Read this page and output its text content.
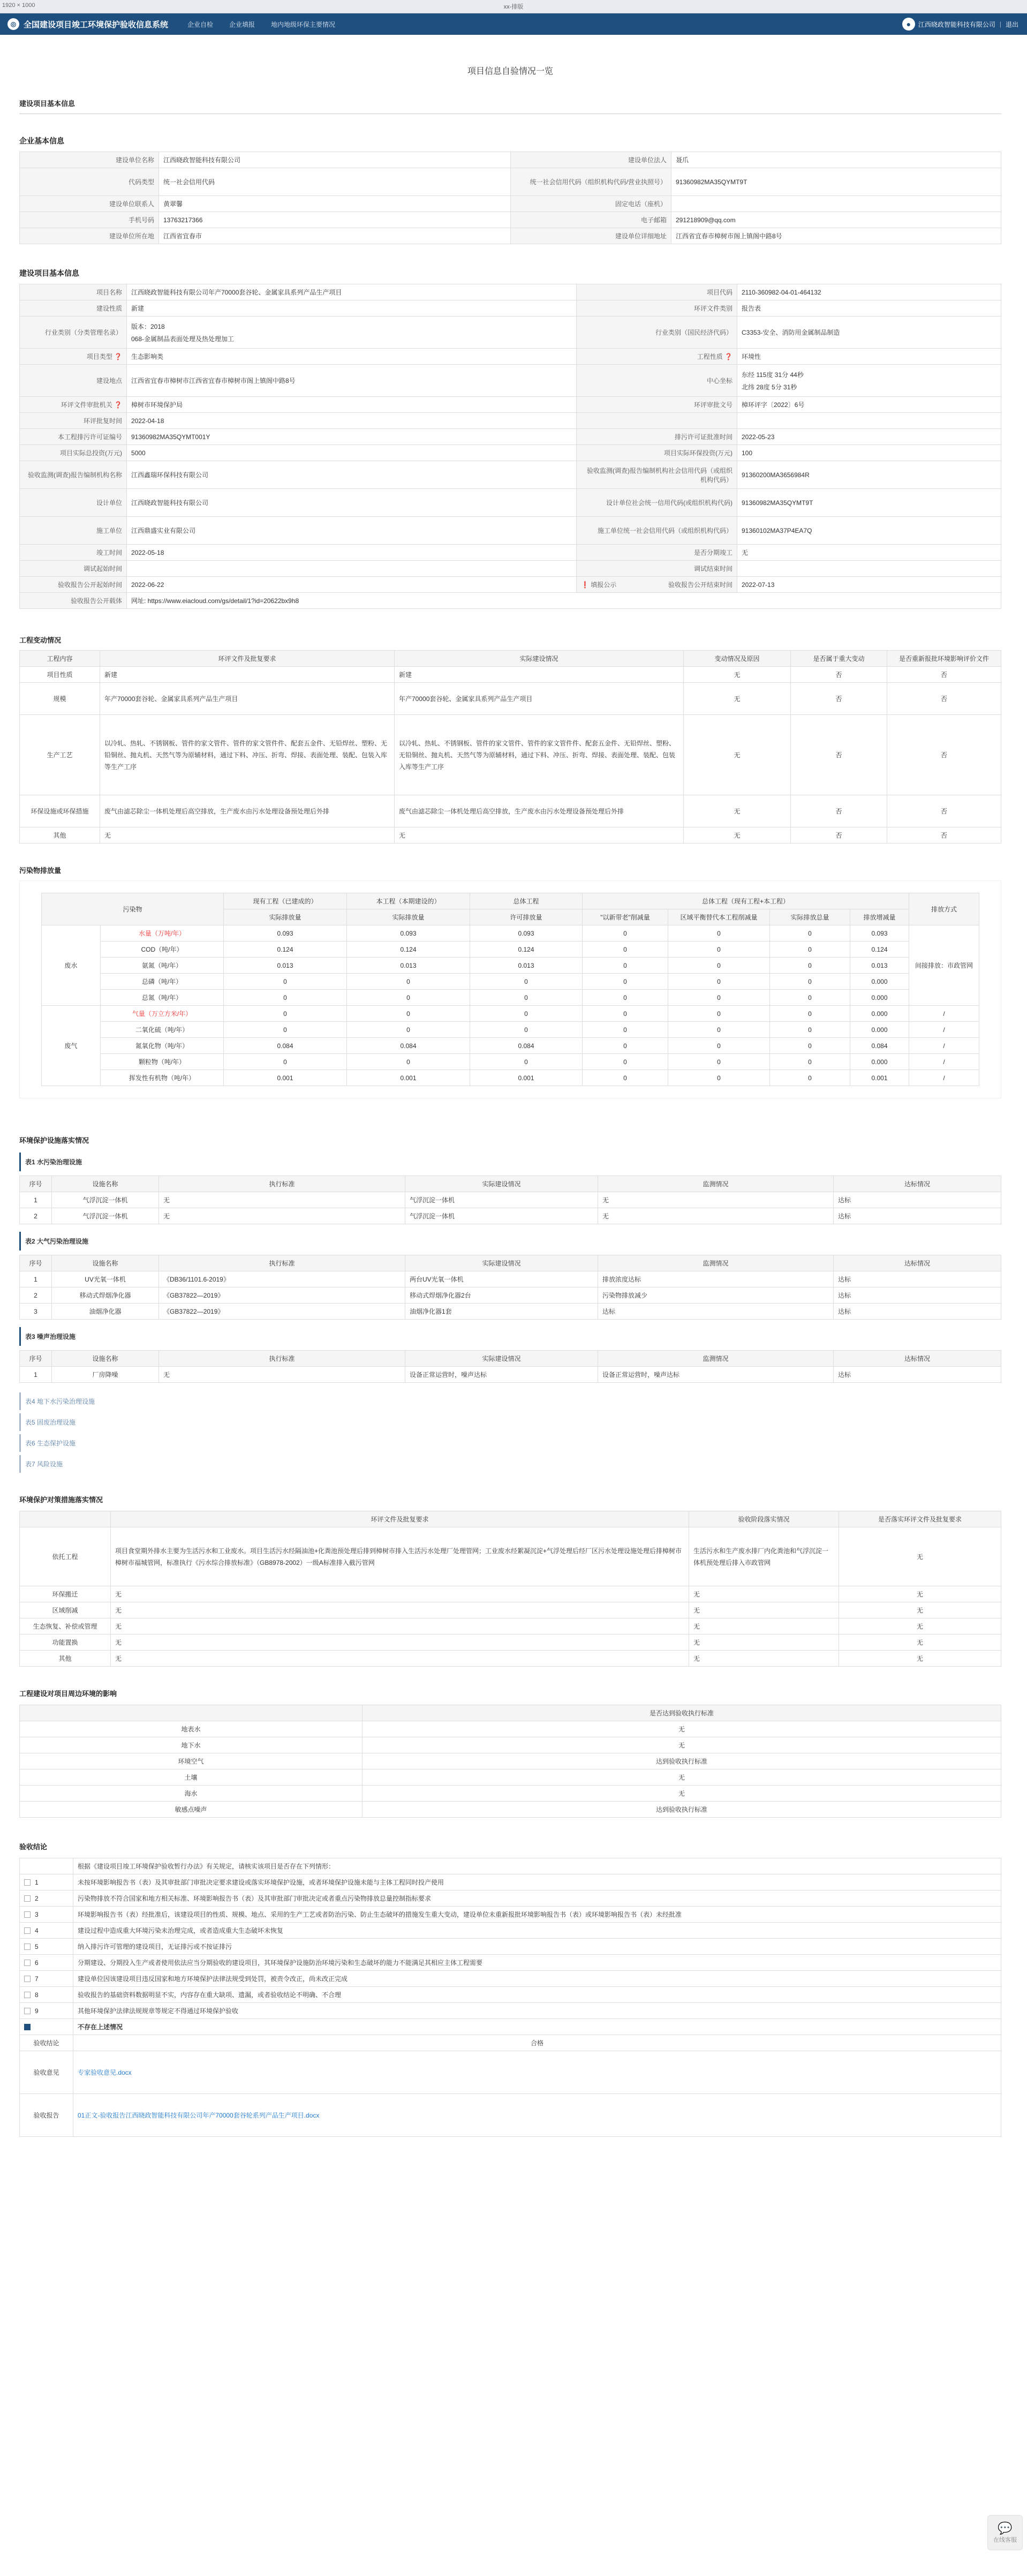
1920 × 1000	xx-排版
◎ 全国建设项目竣工环境保护验收信息系统	企业自检	企业填报	地内地级环保主要情况	●	江西晓政智能科技有限公司 | 退出
项目信息自验情况一览
建设项目基本信息
企业基本信息
建设单位名称	江西晓政智能科技有限公司	建设单位法人	聂爪
代码类型	统一社会信用代码	统一社会信用代码（组织机构代码/营业执照号）	91360982MA35QYMT9T
建设单位联系人	黄翠馨	固定电话（座机）	
手机号码	13763217366	电子邮箱	291218909@qq.com
建设单位所在地	江西省宜春市	建设单位详细地址	江西省宜春市樟树市阁上镇阁中路8号
建设项目基本信息
项目名称	江西晓政智能科技有限公司年产70000套谷轮、金属家具系列产品生产项目	项目代码	2110-360982-04-01-464132
建设性质	新建	环评文件类别	报告表
行业类别（分类管理名录）	版本：2018
068-金属制品表面处理及热处理加工	行业类别（国民经济代码）	C3353-安全、消防用金属制品制造
项目类型 ❓	生态影响类	工程性质 ❓	环境性
建设地点	江西省宜春市樟树市江西省宜春市樟树市阁上镇阁中路8号	中心坐标	东经 115度 31分 44秒
北纬 28度 5分 31秒

环评文件审批机关 ❓	樟树市环境保护局	环评审批文号	樟环评字〔2022〕6号
环评批复时间	2022-04-18		
本工程排污许可证编号	91360982MA35QYMT001Y	排污许可证批准时间	2022-05-23
项目实际总投资(万元)	5000	项目实际环保投资(万元)	100
验收监测(调查)报告编制机构名称	江西鑫瑞环保科技有限公司	验收监测(调查)报告编制机构社会信用代码（或组织机构代码）	91360200MA3656984R
设计单位	江西晓政智能科技有限公司	设计单位社会统一信用代码(或组织机构代码)	91360982MA35QYMT9T
施工单位	江西鼎盛实业有限公司	施工单位统一社会信用代码（或组织机构代码）	91360102MA37P4EA7Q
竣工时间	2022-05-18	是否分期竣工	无
调试起始时间		调试结束时间	
验收报告公开起始时间	2022-06-22	❗ 填报公示 验收报告公开结束时间	2022-07-13
验收报告公开载体	网址: https://www.eiacloud.com/gs/detail/1?id=20622bx9h8		
工程变动情况
工程内容	环评文件及批复要求	实际建设情况	变动情况及原因	是否属于重大变动	是否重新报批环境影响评价文件
项目性质	新建	新建	无	否	否
规模	年产70000套谷轮、金属家具系列产品生产项目	年产70000套谷轮、金属家具系列产品生产项目	无	否	否
生产工艺	以冷轧、热轧、不锈钢板、管件的家文管件、管件的家文管件件、配套五金件、无铅焊丝、塑粉、无铅铜丝、抛丸机、天然气等为原辅材料，通过下料、冲压、折弯、焊接、表面处理、装配、包装入库等生产工序	以冷轧、热轧、不锈钢板、管件的家文管件、管件的家文管件件、配套五金件、无铅焊丝、塑粉、无铅铜丝、抛丸机、天然气等为原辅材料，通过下料、冲压、折弯、焊接、表面处理、装配、包装入库等生产工序	无	否	否
环保设施或环保措施	废气由滤芯除尘一体机处理后高空排放，生产废水由污水处理设备预处理后外排	废气由滤芯除尘一体机处理后高空排放，生产废水由污水处理设备预处理后外排	无	否	否
其他	无	无	无	否	否
污染物排放量
污染物		现有工程（已建成的）	本工程（本期建设的）	总体工程	总体工程（现有工程+本工程）				排放方式
		实际排放量	实际排放量	许可排放量	"以新带老"削减量	区域平衡替代本工程削减量	实际排放总量	排放增减量	
废水	水量（万吨/年）	0.093	0.093	0.093	0	0	0	0.093	间接排放：市政管网
	COD（吨/年）	0.124	0.124	0.124	0	0	0	0.124	
	氨氮（吨/年）	0.013	0.013	0.013	0	0	0	0.013	
	总磷（吨/年）	0	0	0	0	0	0	0.000	
	总氮（吨/年）	0	0	0	0	0	0	0.000	
废气	气量（万立方米/年）	0	0	0	0	0	0	0.000	/
	二氧化硫（吨/年）	0	0	0	0	0	0	0.000	/
	氮氧化物（吨/年）	0.084	0.084	0.084	0	0	0	0.084	/
	颗粒物（吨/年）	0	0	0	0	0	0	0.000	/
	挥发性有机物（吨/年）	0.001	0.001	0.001	0	0	0	0.001	/
环境保护设施落实情况
表1 水污染治理设施
序号	设施名称	执行标准	实际建设情况	监测情况	达标情况
1	气浮沉淀一体机	无	气浮沉淀一体机	无	达标
2	气浮沉淀一体机	无	气浮沉淀一体机	无	达标
表2 大气污染治理设施
序号	设施名称	执行标准	实际建设情况	监测情况	达标情况
1	UV光氧一体机	《DB36/1101.6-2019》	两台UV光氧一体机	排放浓度达标	达标
2	移动式焊烟净化器	《GB37822—2019》	移动式焊烟净化器2台	污染物排放减少	达标
3	油烟净化器	《GB37822—2019》	油烟净化器1套	达标	达标
表3 噪声治理设施
序号	设施名称	执行标准	实际建设情况	监测情况	达标情况
1	厂房降噪	无	设备正常运营时，噪声达标	设备正常运营时，噪声达标	达标
表4 地下水污染治理设施
表5 固废治理设施
表6 生态保护设施
表7 风险设施
环境保护对策措施落实情况
	环评文件及批复要求	验收阶段落实情况	是否落实环评文件及批复要求
依托工程	项目食堂期外排水主要为生活污水和工业废水。项目生活污水经隔油池+化粪池预处理后排到樟树市排入生活污水处理厂处理管网；工业废水经絮凝沉淀+气浮处理后经厂区污水处理设施处理后排樟树市樟树市福城管网，标准执行《污水综合排放标准》（GB8978-2002）一级A标准排入截污管网	生活污水和生产废水排厂内化粪池和气浮沉淀一体机预处理后排入市政管网	无
环保搬迁	无	无	无
区域削减	无	无	无
生态恢复、补偿或管理	无	无	无
功能置换	无	无	无
其他	无	无	无
工程建设对项目周边环境的影响
	是否达到验收执行标准
地表水	无
地下水	无
环境空气	达到验收执行标准
土壤	无
海水	无
敏感点噪声	达到验收执行标准
验收结论
	根据《建设项目竣工环境保护验收暂行办法》有关规定，请核实该项目是否存在下列情形：
1	未按环境影响报告书（表）及其审批部门审批决定要求建设或落实环境保护设施，或者环境保护设施未能与主体工程同时投产使用
2	污染物排放不符合国家和地方相关标准、环境影响报告书（表）及其审批部门审批决定或者重点污染物排放总量控制指标要求
3	环境影响报告书（表）经批准后，该建设项目的性质、规模、地点、采用的生产工艺或者防治污染、防止生态破坏的措施发生重大变动，建设单位未重新报批环境影响报告书（表）或环境影响报告书（表）未经批准
4	建设过程中造成重大环境污染未治理完成，或者造成重大生态破坏未恢复
5	纳入排污许可管理的建设项目，无证排污或不按证排污
6	分期建设、分期投入生产或者使用依法应当分期验收的建设项目，其环境保护设施防治环境污染和生态破坏的能力不能满足其相应主体工程需要
7	建设单位因该建设项目违反国家和地方环境保护法律法规受到处罚，被责令改正，尚未改正完成
8	验收报告的基础资料数据明显不实，内容存在重大缺项、遗漏，或者验收结论不明确、不合理
9	其他环境保护法律法规规章等规定不得通过环境保护验收
	不存在上述情况
验收结论	合格
验收意见	专家验收意见.docx
验收报告	01正文-验收报告江西晓政智能科技有限公司年产70000套谷轮系列产品生产项目.docx
💬
在线客服
